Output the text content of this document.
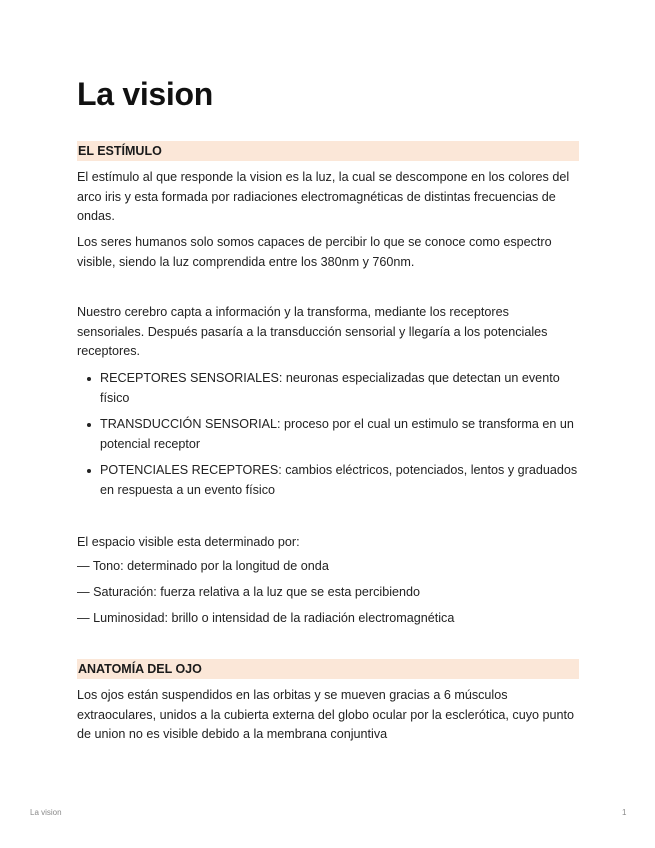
La vision
EL ESTÍMULO

El estímulo al que responde la vision es la luz, la cual se descompone en los colores del arco iris y esta formada por radiaciones electromagnéticas de distintas frecuencias de ondas.

Los seres humanos solo somos capaces de percibir lo que se conoce como espectro visible, siendo la luz comprendida entre los 380nm y 760nm.

Nuestro cerebro capta a información y la transforma, mediante los receptores sensoriales. Después pasaría a la transducción sensorial y llegaría a los potenciales receptores.

RECEPTORES SENSORIALES: neuronas especializadas que detectan un evento físico
TRANSDUCCIÓN SENSORIAL: proceso por el cual un estimulo se transforma en un potencial receptor
POTENCIALES RECEPTORES: cambios eléctricos, potenciados, lentos y graduados en respuesta a un evento físico

El espacio visible esta determinado por:

— Tono: determinado por la longitud de onda

— Saturación: fuerza relativa a la luz que se esta percibiendo

— Luminosidad: brillo o intensidad de la radiación electromagnética

ANATOMÍA DEL OJO

Los ojos están suspendidos en las orbitas y se mueven gracias a 6 músculos extraoculares, unidos a la cubierta externa del globo ocular por la esclerótica, cuyo punto de union no es visible debido a la membrana conjuntiva

La vision	1
